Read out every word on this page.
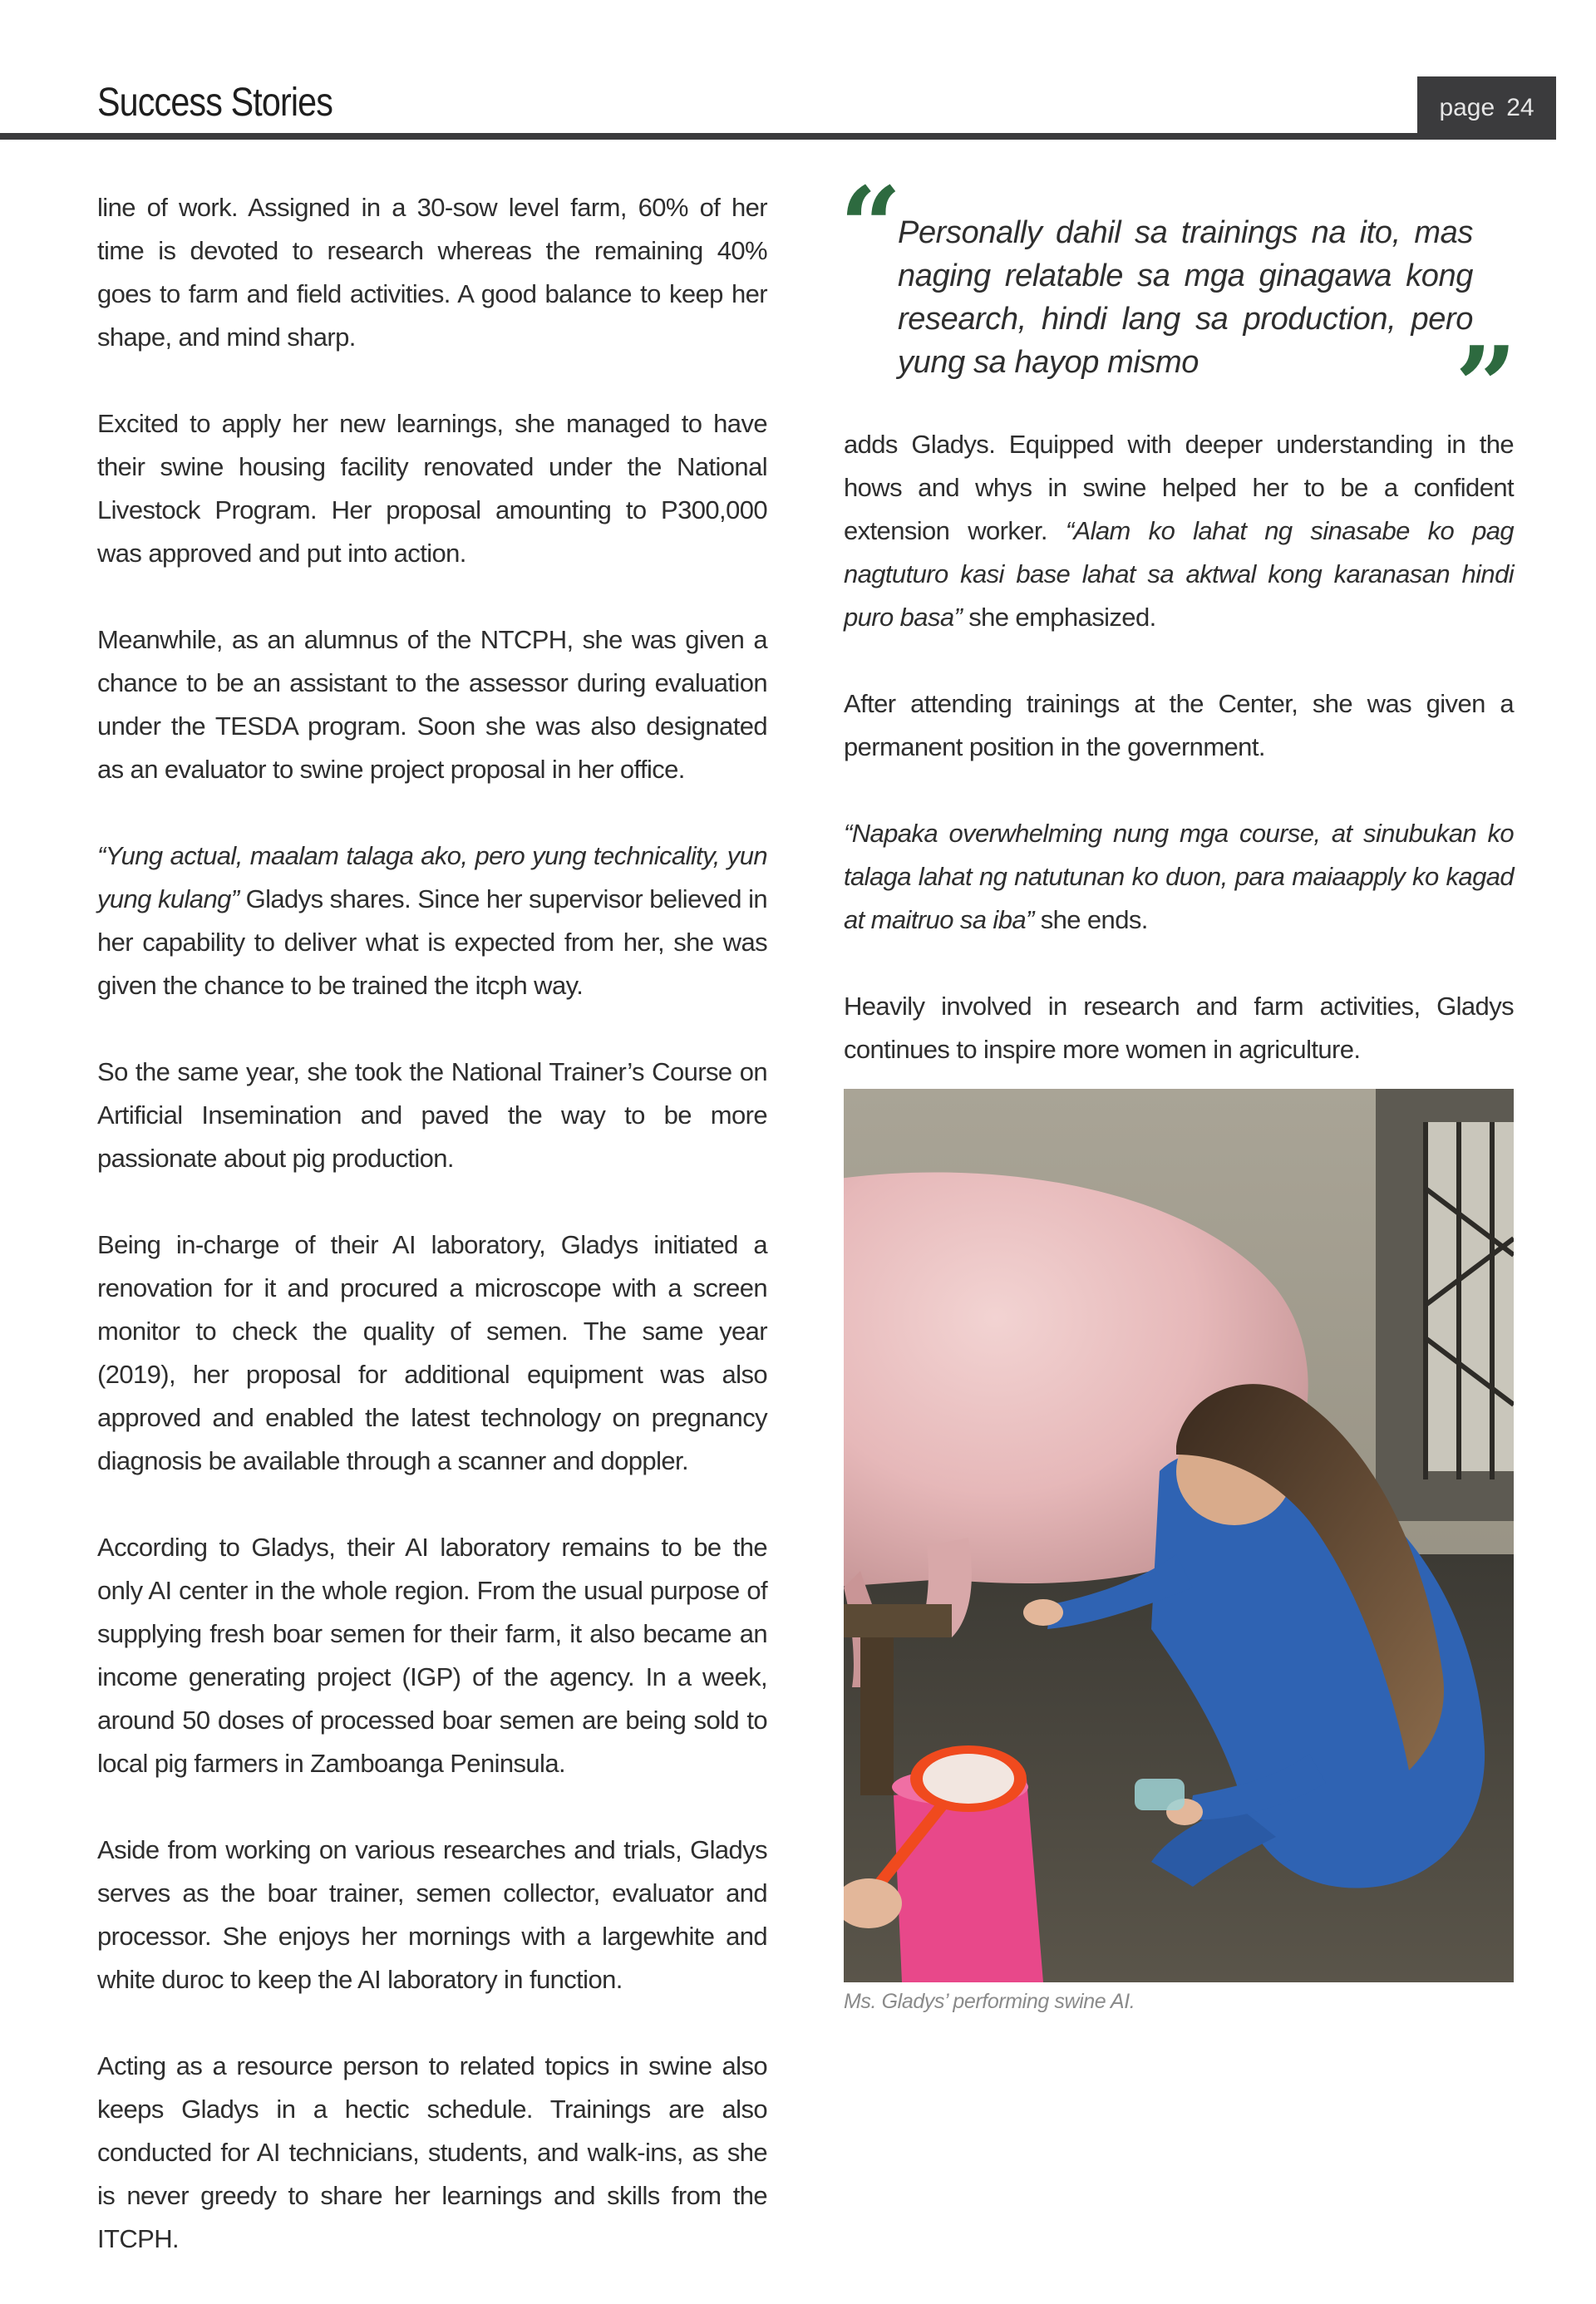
Success Stories	page 24

line of work. Assigned in a 30-sow level farm, 60% of her time is devoted to research whereas the remaining 40% goes to farm and field activities. A good balance to keep her shape, and mind sharp.

Excited to apply her new learnings, she managed to have their swine housing facility renovated under the National Livestock Program. Her proposal amounting to P300,000 was approved and put into action.

Meanwhile, as an alumnus of the NTCPH, she was given a chance to be an assistant to the assessor during evaluation under the TESDA program. Soon she was also designated as an evaluator to swine project proposal in her office.

“Yung actual, maalam talaga ako, pero yung technicality, yun yung kulang” Gladys shares. Since her supervisor believed in her capability to deliver what is expected from her, she was given the chance to be trained the itcph way.

So the same year, she took the National Trainer’s Course on Artificial Insemination and paved the way to be more passionate about pig production.

Being in-charge of their AI laboratory, Gladys initiated a renovation for it and procured a microscope with a screen monitor to check the quality of semen. The same year (2019), her proposal for additional equipment was also approved and enabled the latest technology on pregnancy diagnosis be available through a scanner and doppler.

According to Gladys, their AI laboratory remains to be the only AI center in the whole region. From the usual purpose of supplying fresh boar semen for their farm, it also became an income generating project (IGP) of the agency. In a week, around 50 doses of processed boar semen are being sold to local pig farmers in Zamboanga Peninsula.

Aside from working on various researches and trials, Gladys serves as the boar trainer, semen collector, evaluator and processor. She enjoys her mornings with a largewhite and white duroc to keep the AI laboratory in function.

Acting as a resource person to related topics in swine also keeps Gladys in a hectic schedule. Trainings are also conducted for AI technicians, students, and walk-ins, as she is never greedy to share her learnings and skills from the ITCPH.

“
Personally dahil sa trainings na ito, mas naging relatable sa mga ginagawa kong research, hindi lang sa production, pero yung sa hayop mismo	”

adds Gladys. Equipped with deeper understanding in the hows and whys in swine helped her to be a confident extension worker. “Alam ko lahat ng sinasabe ko pag nagtuturo kasi base lahat sa aktwal kong karanasan hindi puro basa” she emphasized.

After attending trainings at the Center, she was given a permanent position in the government.

“Napaka overwhelming nung mga course, at sinubukan ko talaga lahat ng natutunan ko duon, para maiaapply ko kagad at maitruo sa iba” she ends.

Heavily involved in research and farm activities, Gladys continues to inspire more women in agriculture.

Ms. Gladys’ performing swine AI.
